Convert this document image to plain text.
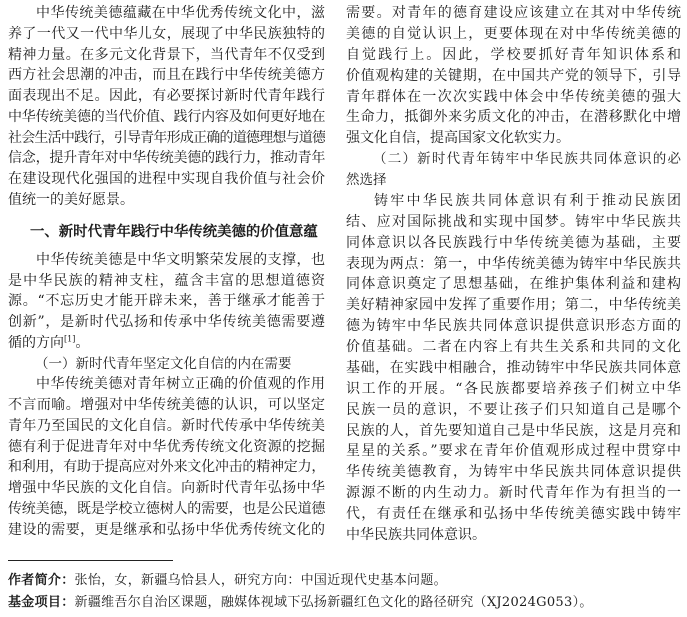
中华传统美德蕴藏在中华优秀传统文化中，滋
养了一代又一代中华儿女，展现了中华民族独特的
精神力量。在多元文化背景下，当代青年不仅受到
西方社会思潮的冲击，而且在践行中华传统美德方
面表现出不足。因此，有必要探讨新时代青年践行
中华传统美德的当代价值、践行内容及如何更好地在
社会生活中践行，引导青年形成正确的道德理想与道德
信念，提升青年对中华传统美德的践行力，推动青年
在建设现代化强国的进程中实现自我价值与社会价
值统一的美好愿景。
一、新时代青年践行中华传统美德的价值意蕴
中华传统美德是中华文明繁荣发展的支撑，也
是中华民族的精神支柱，蕴含丰富的思想道德资
源。“不忘历史才能开辟未来，善于继承才能善于
创新”，是新时代弘扬和传承中华传统美德需要遵
循的方向[1]。
（一）新时代青年坚定文化自信的内在需要
中华传统美德对青年树立正确的价值观的作用
不言而喻。增强对中华传统美德的认识，可以坚定
青年乃至国民的文化自信。新时代传承中华传统美
德有利于促进青年对中华优秀传统文化资源的挖掘
和利用，有助于提高应对外来文化冲击的精神定力，
增强中华民族的文化自信。向新时代青年弘扬中华
传统美德，既是学校立德树人的需要，也是公民道德
建设的需要，更是继承和弘扬中华优秀传统文化的
需要。对青年的德育建设应该建立在其对中华传统
美德的自觉认识上，更要体现在对中华传统美德的
自觉践行上。因此，学校要抓好青年知识体系和
价值观构建的关键期，在中国共产党的领导下，引导
青年群体在一次次实践中体会中华传统美德的强大
生命力，抵御外来劣质文化的冲击，在潜移默化中增
强文化自信，提高国家文化软实力。
（二）新时代青年铸牢中华民族共同体意识的必
然选择
铸牢中华民族共同体意识有利于推动民族团
结、应对国际挑战和实现中国梦。铸牢中华民族共
同体意识以各民族践行中华传统美德为基础，主要
表现为两点：第一，中华传统美德为铸牢中华民族共
同体意识奠定了思想基础，在维护集体利益和建构
美好精神家园中发挥了重要作用；第二，中华传统美
德为铸牢中华民族共同体意识提供意识形态方面的
价值基础。二者在内容上有共生关系和共同的文化
基础，在实践中相融合，推动铸牢中华民族共同体意
识工作的开展。“各民族都要培养孩子们树立中华
民族一员的意识，不要让孩子们只知道自己是哪个
民族的人，首先要知道自己是中华民族，这是月亮和
星星的关系。”要求在青年价值观形成过程中贯穿中
华传统美德教育，为铸牢中华民族共同体意识提供
源源不断的内生动力。新时代青年作为有担当的一
代，有责任在继承和弘扬中华传统美德实践中铸牢
中华民族共同体意识。
作者简介：张怡，女，新疆乌恰县人，研究方向：中国近现代史基本问题。
基金项目：新疆维吾尔自治区课题，融媒体视域下弘扬新疆红色文化的路径研究（XJ2024G053）。
